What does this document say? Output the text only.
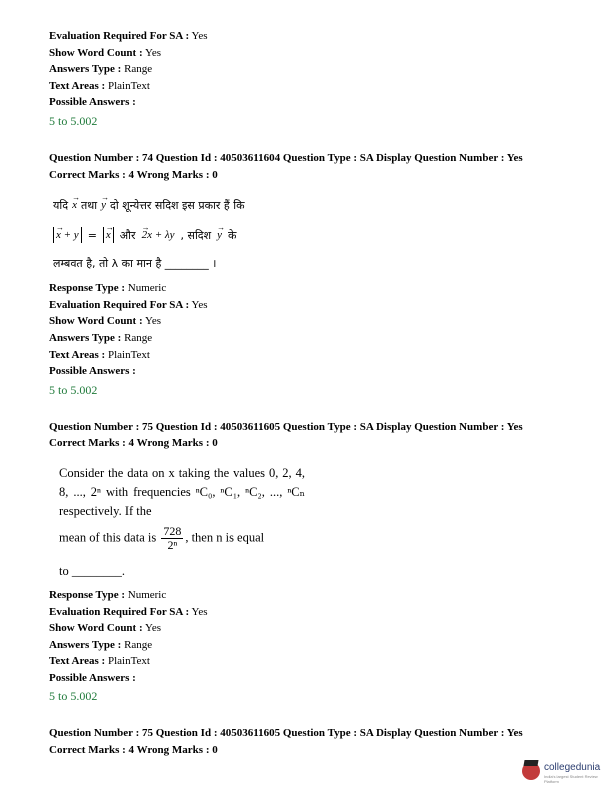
Evaluation Required For SA : Yes
Show Word Count : Yes
Answers Type : Range
Text Areas : PlainText
Possible Answers :
5 to 5.002
Question Number : 74 Question Id : 40503611604 Question Type : SA Display Question Number : Yes
Correct Marks : 4 Wrong Marks : 0
यदि → x तथा → y दो शून्येत्तर सदिश इस प्रकार हैं कि
→ x + y = → x और → 2x + λy , सदिश → y के
लम्बवत है, तो λ का मान है ________ ।
Response Type : Numeric
Evaluation Required For SA : Yes
Show Word Count : Yes
Answers Type : Range
Text Areas : PlainText
Possible Answers :
5 to 5.002
Question Number : 75 Question Id : 40503611605 Question Type : SA Display Question Number : Yes
Correct Marks : 4 Wrong Marks : 0
Consider the data on x taking the values 0, 2, 4, 8, ..., 2ⁿ with frequencies ⁿC₀, ⁿC₁, ⁿC₂, ..., ⁿCₙ respectively. If the
mean of this data is $\frac{728}{\text{2ⁿ}}$ , then n is equal
to ________.
Response Type : Numeric
Evaluation Required For SA : Yes
Show Word Count : Yes
Answers Type : Range
Text Areas : PlainText
Possible Answers :
5 to 5.002
Question Number : 75 Question Id : 40503611605 Question Type : SA Display Question Number : Yes
Correct Marks : 4 Wrong Marks : 0
collegedunia
India's largest Student Review Platform
